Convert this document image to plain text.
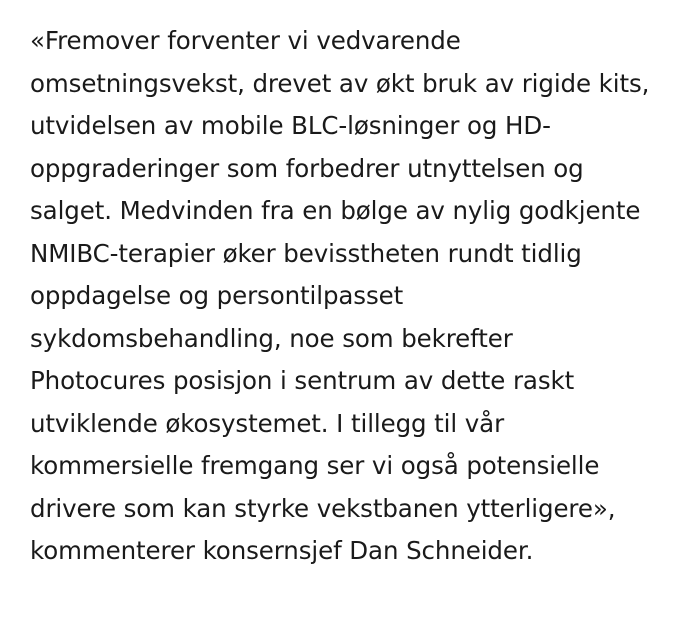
«Fremover forventer vi vedvarende
omsetningsvekst, drevet av økt bruk av rigide kits,
utvidelsen av mobile BLC-løsninger og HD-
oppgraderinger som forbedrer utnyttelsen og
salget. Medvinden fra en bølge av nylig godkjente
NMIBC-terapier øker bevisstheten rundt tidlig
oppdagelse og persontilpasset
sykdomsbehandling, noe som bekrefter
Photocures posisjon i sentrum av dette raskt
utviklende økosystemet. I tillegg til vår
kommersielle fremgang ser vi også potensielle
drivere som kan styrke vekstbanen ytterligere»,
kommenterer konsernsjef Dan Schneider.
